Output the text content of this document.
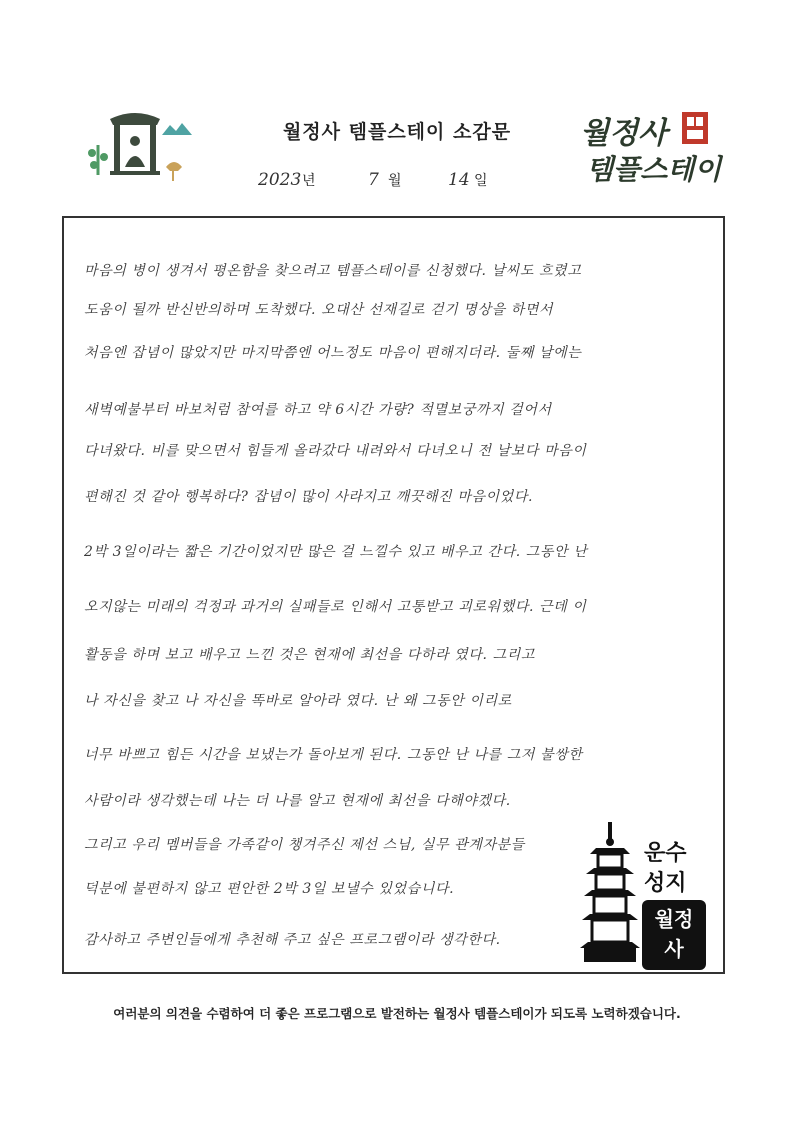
월정사 템플스테이 소감문	월정사
템플스테이
2023 년	7 월	14 일
마음의 병이 생겨서 평온함을 찾으려고 템플스테이를 신청했다. 날씨도 흐렸고
도움이 될까 반신반의하며 도착했다. 오대산 선재길로 걷기 명상을 하면서
처음엔 잡념이 많았지만 마지막쯤엔 어느정도 마음이 편해지더라. 둘째 날에는
새벽예불부터 바보처럼 참여를 하고 약 6시간 가량? 적멸보궁까지 걸어서
다녀왔다. 비를 맞으면서 힘들게 올라갔다 내려와서 다녀오니 전 날보다 마음이
편해진 것 같아 행복하다? 잡념이 많이 사라지고 깨끗해진 마음이었다.
2박 3일이라는 짧은 기간이었지만 많은 걸 느낄수 있고 배우고 간다. 그동안 난
오지않는 미래의 걱정과 과거의 실패들로 인해서 고통받고 괴로워했다. 근데 이
활동을 하며 보고 배우고 느낀 것은 현재에 최선을 다하라 였다. 그리고
나 자신을 찾고 나 자신을 똑바로 알아라 였다. 난 왜 그동안 이리로
너무 바쁘고 힘든 시간을 보냈는가 돌아보게 된다. 그동안 난 나를 그저 불쌍한
사람이라 생각했는데 나는 더 나를 알고 현재에 최선을 다해야겠다.
그리고 우리 멤버들을 가족같이 챙겨주신 제선 스님, 실무 관계자분들
덕분에 불편하지 않고 편안한 2박 3일 보낼수 있었습니다.
감사하고 주변인들에게 추천해 주고 싶은 프로그램이라 생각한다.
운수
성지
월정
사
여러분의 의견을 수렴하여 더 좋은 프로그램으로 발전하는 월정사 템플스테이가 되도록 노력하겠습니다.
